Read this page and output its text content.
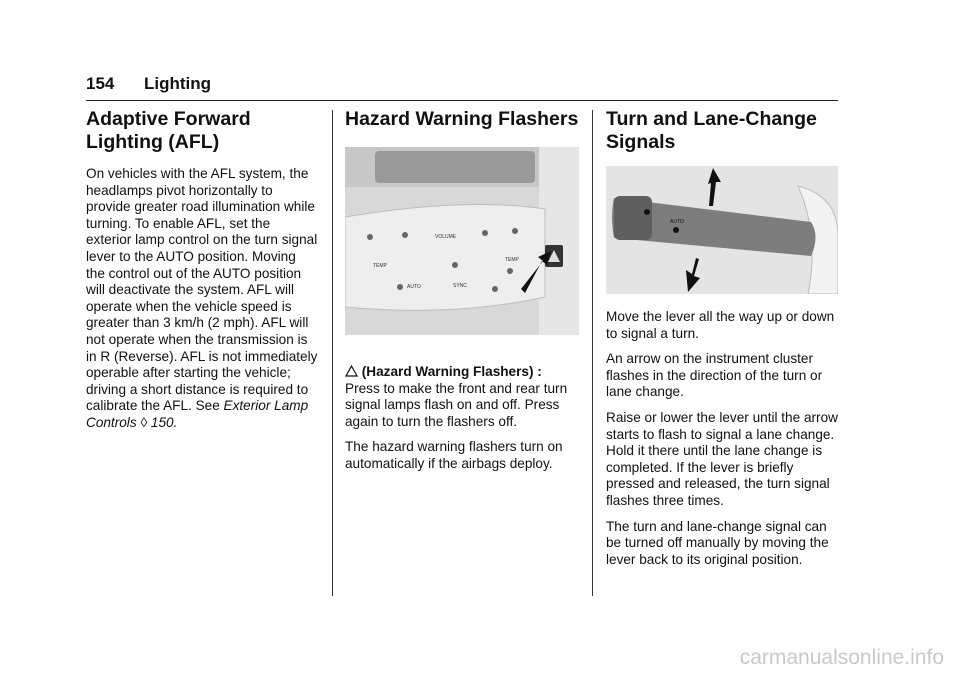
154 Lighting
Adaptive Forward
Lighting (AFL)

On vehicles with the AFL system, the headlamps pivot horizontally to provide greater road illumination while turning. To enable AFL, set the exterior lamp control on the turn signal lever to the AUTO position. Moving the control out of the AUTO position will deactivate the system. AFL will operate when the vehicle speed is greater than 3 km/h (2 mph). AFL will not operate when the transmission is in R (Reverse). AFL is not immediately operable after starting the vehicle; driving a short distance is required to calibrate the AFL. See Exterior Lamp Controls ◊ 150.

Hazard Warning Flashers
VOLUME
TEMP
TEMP
AUTO	SYNC

(Hazard Warning Flashers) :
Press to make the front and rear turn signal lamps flash on and off. Press again to turn the flashers off.

The hazard warning flashers turn on automatically if the airbags deploy.

Turn and Lane-Change
Signals
AUTO

Move the lever all the way up or down to signal a turn.

An arrow on the instrument cluster flashes in the direction of the turn or lane change.

Raise or lower the lever until the arrow starts to flash to signal a lane change. Hold it there until the lane change is completed. If the lever is briefly pressed and released, the turn signal flashes three times.

The turn and lane-change signal can be turned off manually by moving the lever back to its original position.

carmanualsonline.info
